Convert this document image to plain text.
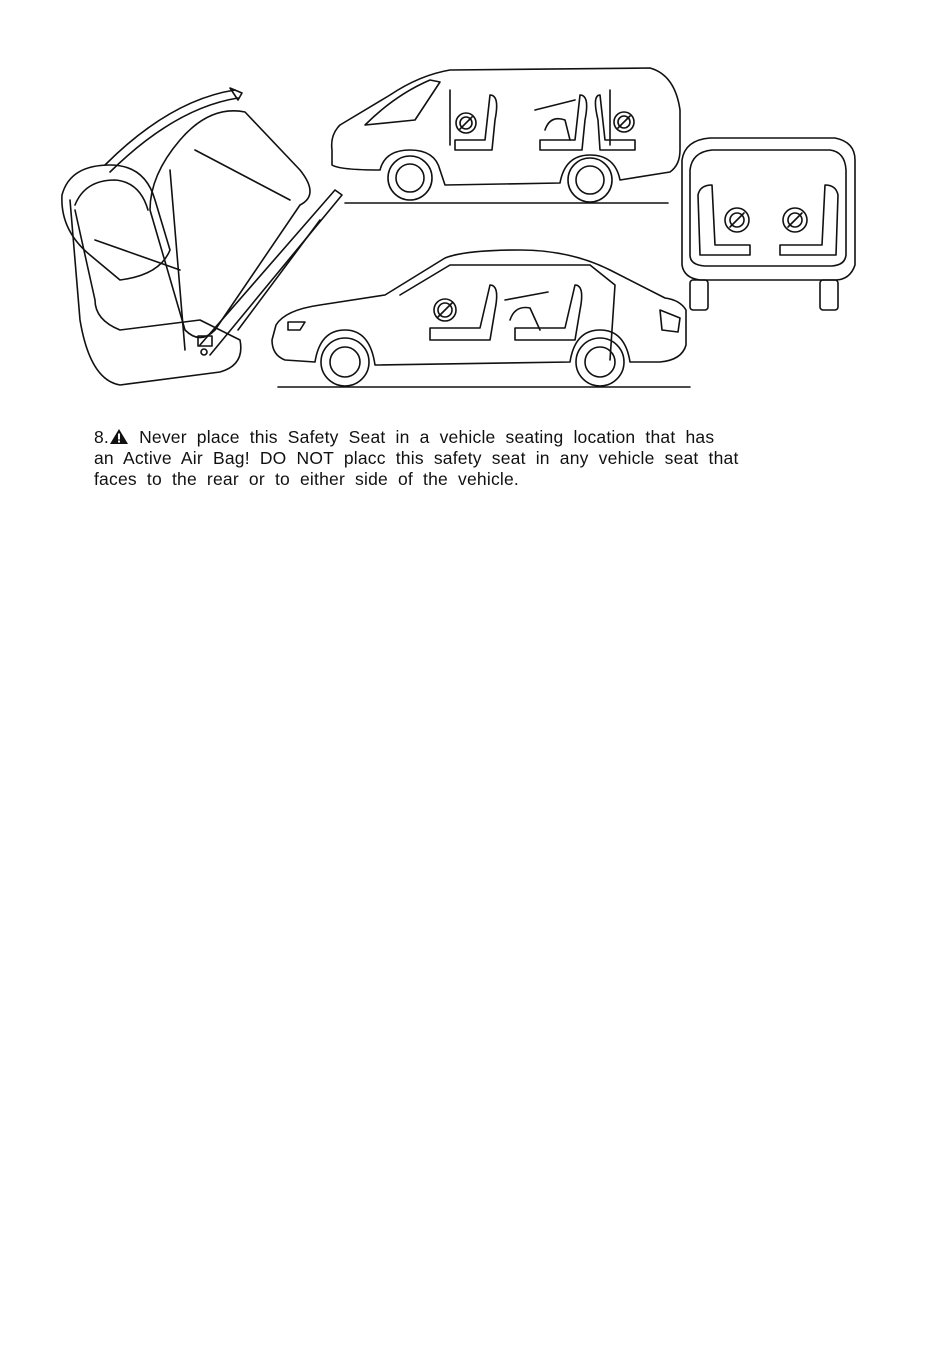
8. Never place this Safety Seat in a vehicle seating location that has

an Active Air Bag! DO NOT placc this safety seat in any vehicle seat that

faces to the rear or to either side of the vehicle.
